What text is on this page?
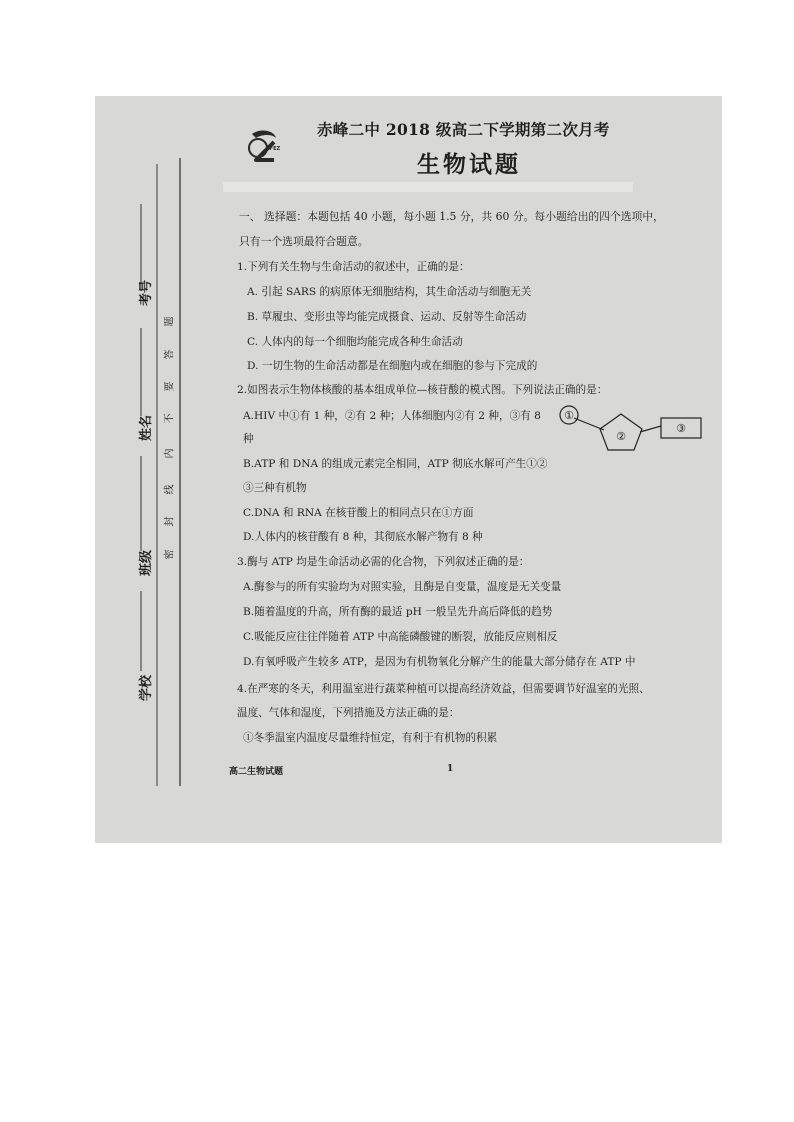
考号
姓名
班级
学校
题
答
要
不
内
线
封
密
CFEZ
赤峰二中 2018 级高二下学期第二次月考
生物试题
一、 选择题：本题包括 40 小题，每小题 1.5 分，共 60 分。每小题给出的四个选项中，
只有一个选项最符合题意。
1.下列有关生物与生命活动的叙述中，正确的是：
A. 引起 SARS 的病原体无细胞结构，其生命活动与细胞无关
B. 草履虫、变形虫等均能完成摄食、运动、反射等生命活动
C. 人体内的每一个细胞均能完成各种生命活动
D. 一切生物的生命活动都是在细胞内或在细胞的参与下完成的
2.如图表示生物体核酸的基本组成单位—核苷酸的模式图。下列说法正确的是：
A.HIV 中①有 1 种，②有 2 种；人体细胞内②有 2 种，③有 8
种
B.ATP 和 DNA 的组成元素完全相同，ATP 彻底水解可产生①②
③三种有机物
C.DNA 和 RNA 在核苷酸上的相同点只在①方面
D.人体内的核苷酸有 8 种，其彻底水解产物有 8 种
①
②
③
3.酶与 ATP 均是生命活动必需的化合物，下列叙述正确的是：
A.酶参与的所有实验均为对照实验，且酶是自变量，温度是无关变量
B.随着温度的升高，所有酶的最适 pH 一般呈先升高后降低的趋势
C.吸能反应往往伴随着 ATP 中高能磷酸键的断裂，放能反应则相反
D.有氧呼吸产生较多 ATP，是因为有机物氧化分解产生的能量大部分储存在 ATP 中
4.在严寒的冬天，利用温室进行蔬菜种植可以提高经济效益，但需要调节好温室的光照、
温度、气体和湿度，下列措施及方法正确的是：
①冬季温室内温度尽量维持恒定，有利于有机物的积累
高二生物试题	1
